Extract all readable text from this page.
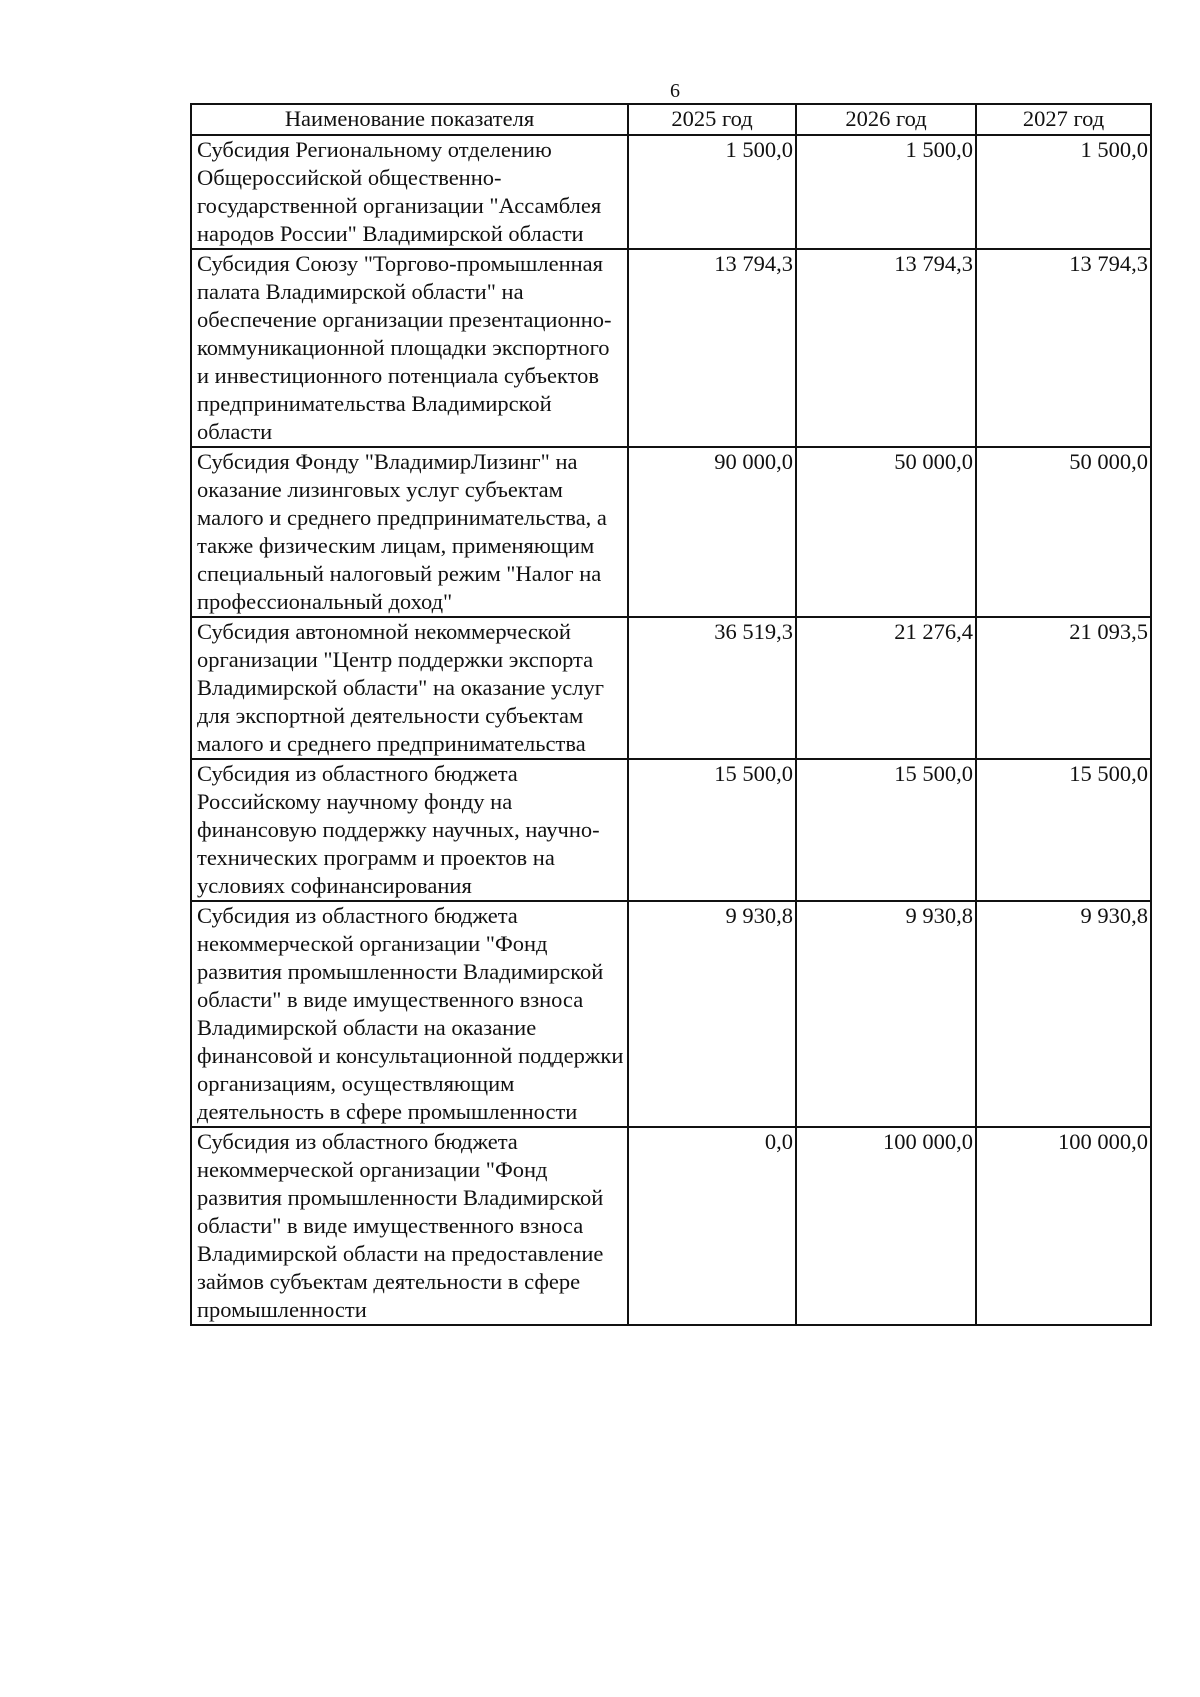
6
Наименование показателя	2025 год	2026 год	2027 год
Субсидия Региональному отделению Общероссийской общественно-государственной организации "Ассамблея народов России" Владимирской области	1 500,0	1 500,0	1 500,0
Субсидия Союзу "Торгово-промышленная палата Владимирской области" на обеспечение организации презентационно-коммуникационной площадки экспортного и инвестиционного потенциала субъектов предпринимательства Владимирской области	13 794,3	13 794,3	13 794,3
Субсидия Фонду "ВладимирЛизинг" на оказание лизинговых услуг субъектам малого и среднего предпринимательства, а также физическим лицам, применяющим специальный налоговый режим "Налог на профессиональный доход"	90 000,0	50 000,0	50 000,0
Субсидия автономной некоммерческой организации "Центр поддержки экспорта Владимирской области" на оказание услуг для экспортной деятельности субъектам малого и среднего предпринимательства	36 519,3	21 276,4	21 093,5
Субсидия из областного бюджета Российскому научному фонду на финансовую поддержку научных, научно-технических программ и проектов на условиях софинансирования	15 500,0	15 500,0	15 500,0
Субсидия из областного бюджета некоммерческой организации "Фонд развития промышленности Владимирской области" в виде имущественного взноса Владимирской области на оказание финансовой и консультационной поддержки организациям, осуществляющим деятельность в сфере промышленности	9 930,8	9 930,8	9 930,8
Субсидия из областного бюджета некоммерческой организации "Фонд развития промышленности Владимирской области" в виде имущественного взноса Владимирской области на предоставление займов субъектам деятельности в сфере промышленности	0,0	100 000,0	100 000,0
